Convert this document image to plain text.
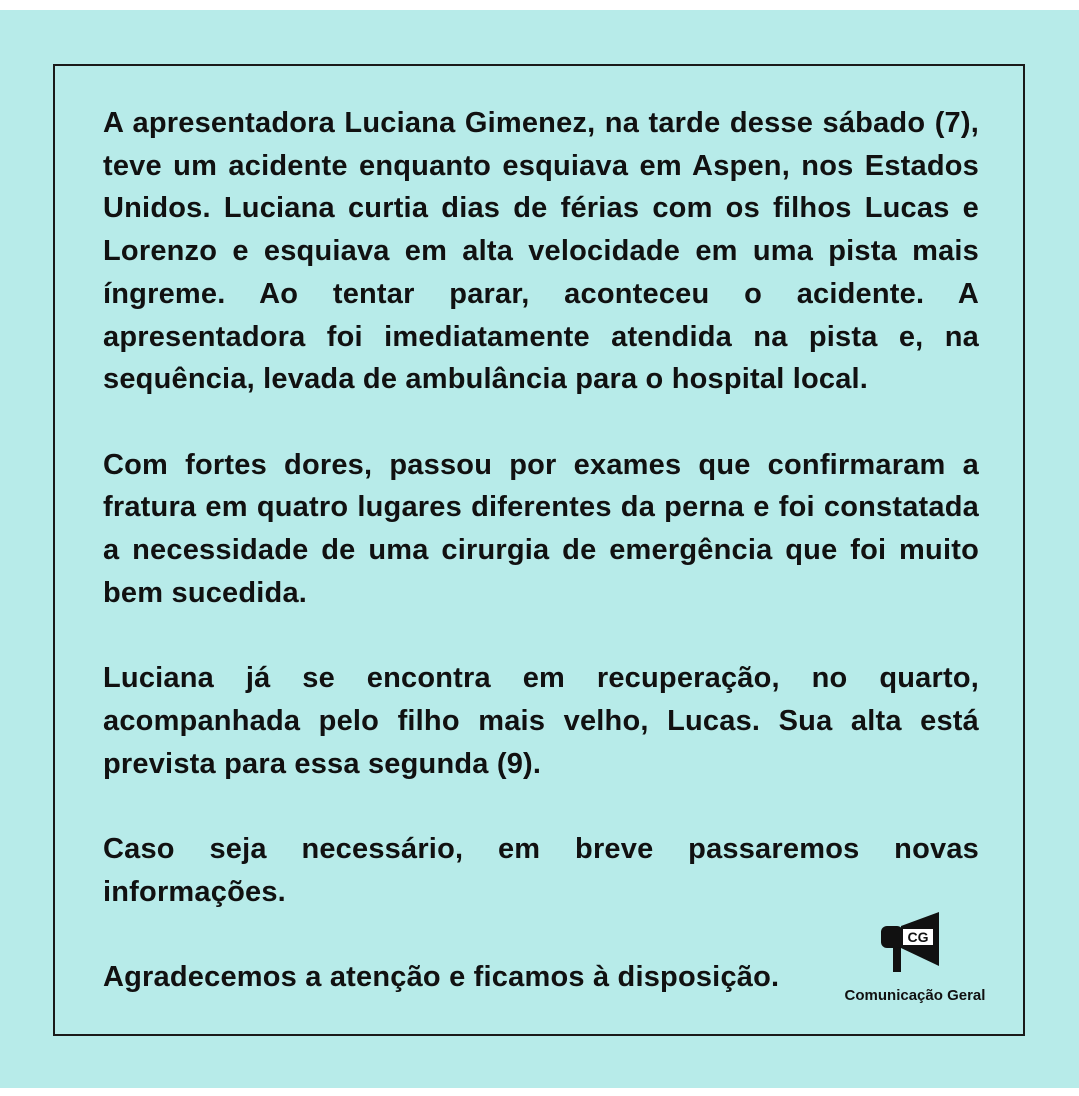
A apresentadora Luciana Gimenez, na tarde desse sábado (7), teve um acidente enquanto esquiava em Aspen, nos Estados Unidos. Luciana curtia dias de férias com os filhos Lucas e Lorenzo e esquiava em alta velocidade em uma pista mais íngreme. Ao tentar parar, aconteceu o acidente. A apresentadora foi imediatamente atendida na pista e, na sequência, levada de ambulância para o hospital local.

Com fortes dores, passou por exames que confirmaram a fratura em quatro lugares diferentes da perna e foi constatada a necessidade de uma cirurgia de emergência que foi muito bem sucedida.

Luciana já se encontra em recuperação, no quarto, acompanhada pelo filho mais velho, Lucas. Sua alta está prevista para essa segunda (9).

Caso seja necessário, em breve passaremos novas informações.

Agradecemos a atenção e ficamos à disposição.

CG
Comunicação Geral
